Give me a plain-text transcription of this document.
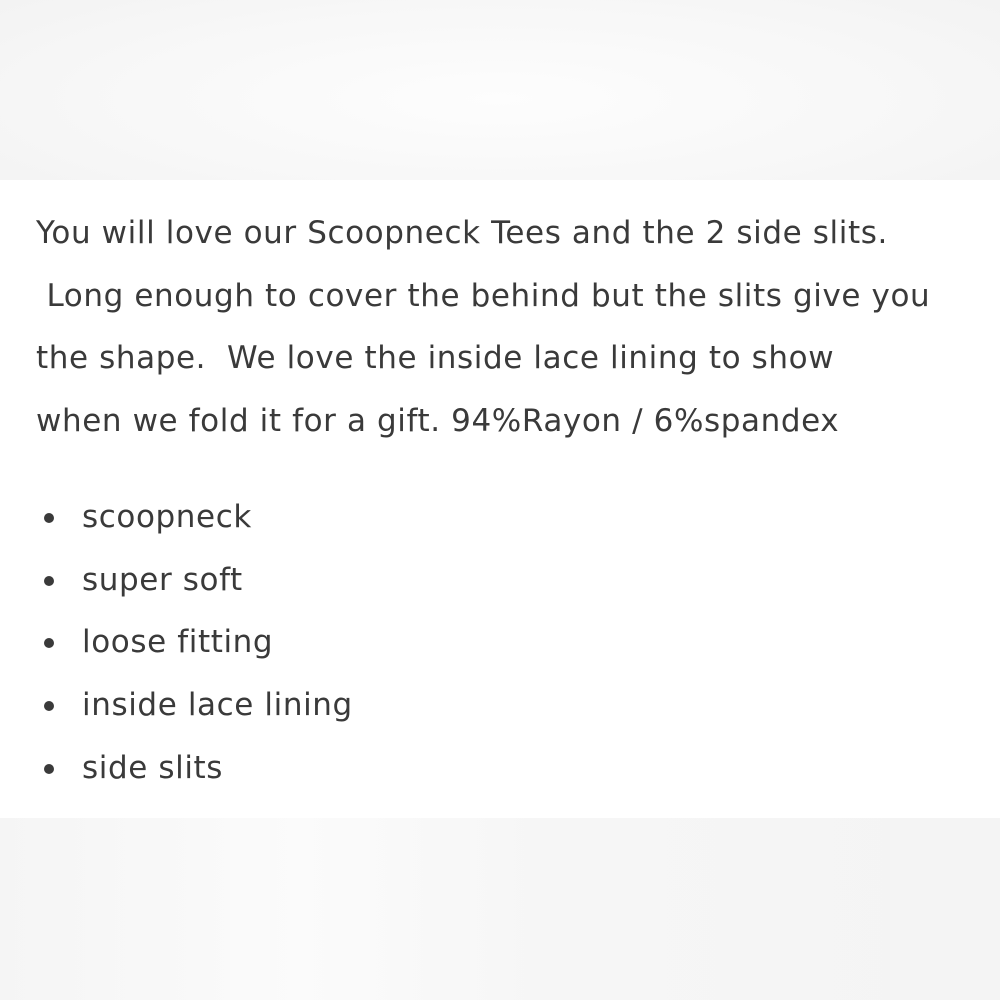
You will love our Scoopneck Tees and the 2 side slits.
Long enough to cover the behind but the slits give you
the shape.  We love the inside lace lining to show
when we fold it for a gift. 94%Rayon / 6%spandex

scoopneck
super soft
loose fitting
inside lace lining
side slits
